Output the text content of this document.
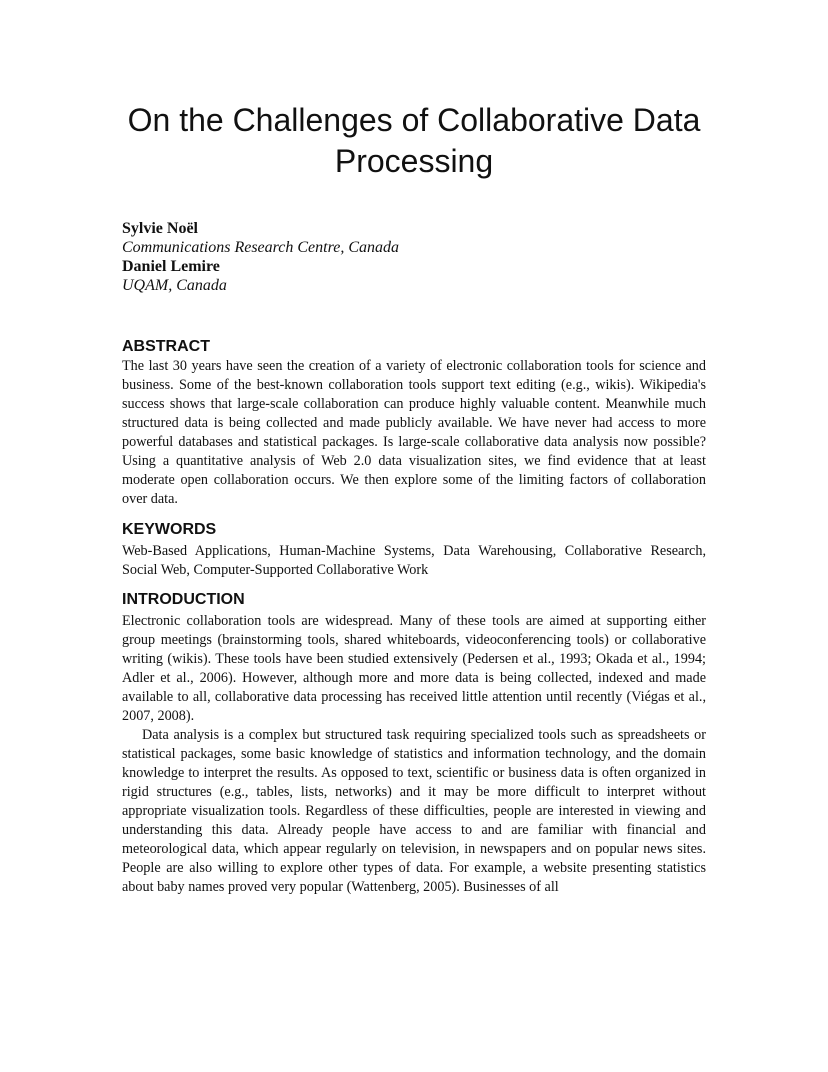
On the Challenges of Collaborative Data Processing
Sylvie Noël
Communications Research Centre, Canada
Daniel Lemire
UQAM, Canada
ABSTRACT

The last 30 years have seen the creation of a variety of electronic collaboration tools for science and business. Some of the best-known collaboration tools support text editing (e.g., wikis). Wikipedia's success shows that large-scale collaboration can produce highly valuable content. Meanwhile much structured data is being collected and made publicly available. We have never had access to more powerful databases and statistical packages. Is large-scale collaborative data analysis now possible? Using a quantitative analysis of Web 2.0 data visualization sites, we find evidence that at least moderate open collaboration occurs. We then explore some of the limiting factors of collaboration over data.

KEYWORDS

Web-Based Applications, Human-Machine Systems, Data Warehousing, Collaborative Research, Social Web, Computer-Supported Collaborative Work

INTRODUCTION

Electronic collaboration tools are widespread. Many of these tools are aimed at supporting either group meetings (brainstorming tools, shared whiteboards, videoconferencing tools) or collaborative writing (wikis). These tools have been studied extensively (Pedersen et al., 1993; Okada et al., 1994; Adler et al., 2006). However, although more and more data is being collected, indexed and made available to all, collaborative data processing has received little attention until recently (Viégas et al., 2007, 2008).

Data analysis is a complex but structured task requiring specialized tools such as spreadsheets or statistical packages, some basic knowledge of statistics and information technology, and the domain knowledge to interpret the results. As opposed to text, scientific or business data is often organized in rigid structures (e.g., tables, lists, networks) and it may be more difficult to interpret without appropriate visualization tools. Regardless of these difficulties, people are interested in viewing and understanding this data. Already people have access to and are familiar with financial and meteorological data, which appear regularly on television, in newspapers and on popular news sites. People are also willing to explore other types of data. For example, a website presenting statistics about baby names proved very popular (Wattenberg, 2005). Businesses of all
